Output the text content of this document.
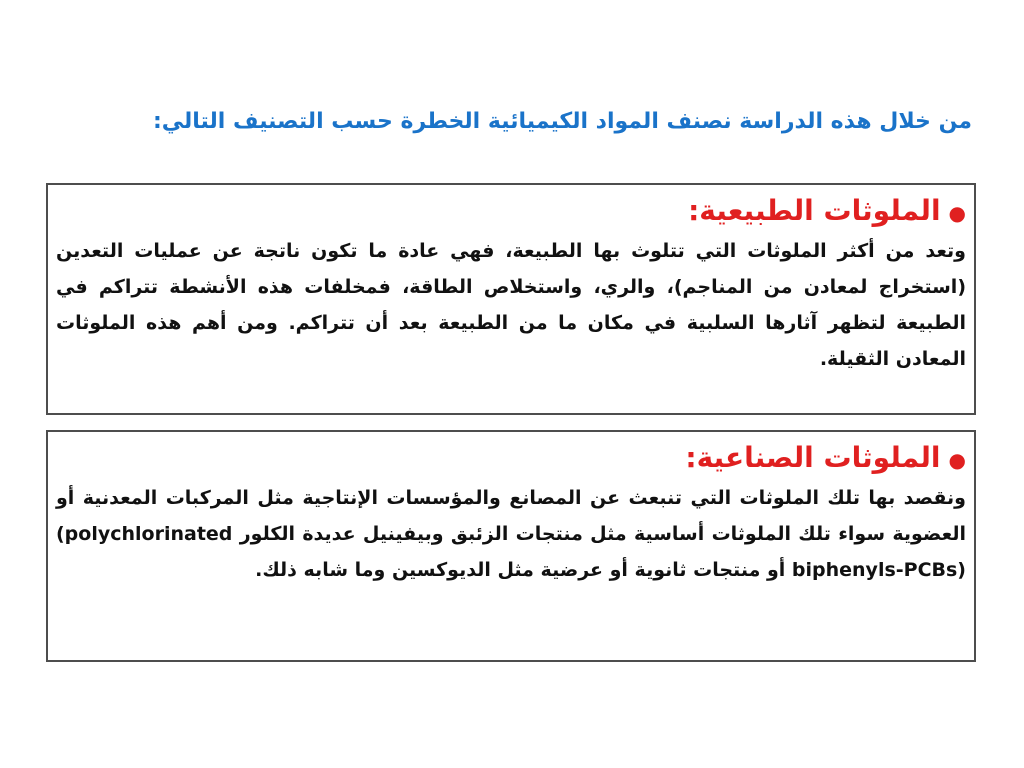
من خلال هذه الدراسة نصنف المواد الكيميائية الخطرة حسب التصنيف التالي:
●الملوثات الطبيعية:
وتعد من أكثر الملوثات التي تتلوث بها الطبيعة، فهي عادة ما تكون ناتجة عن عمليات التعدين (استخراج لمعادن من المناجم)، والري، واستخلاص الطاقة، فمخلفات هذه الأنشطة تتراكم في الطبيعة لتظهر آثارها السلبية في مكان ما من الطبيعة بعد أن تتراكم. ومن أهم هذه الملوثات المعادن الثقيلة.
●الملوثات الصناعية:
ونقصد بها تلك الملوثات التي تنبعث عن المصانع والمؤسسات الإنتاجية مثل المركبات المعدنية أو العضوية سواء تلك الملوثات أساسية مثل منتجات الزئبق وبيفينيل عديدة الكلور (polychlorinated biphenyls-PCBs) أو منتجات ثانوية أو عرضية مثل الديوكسين وما شابه ذلك.
